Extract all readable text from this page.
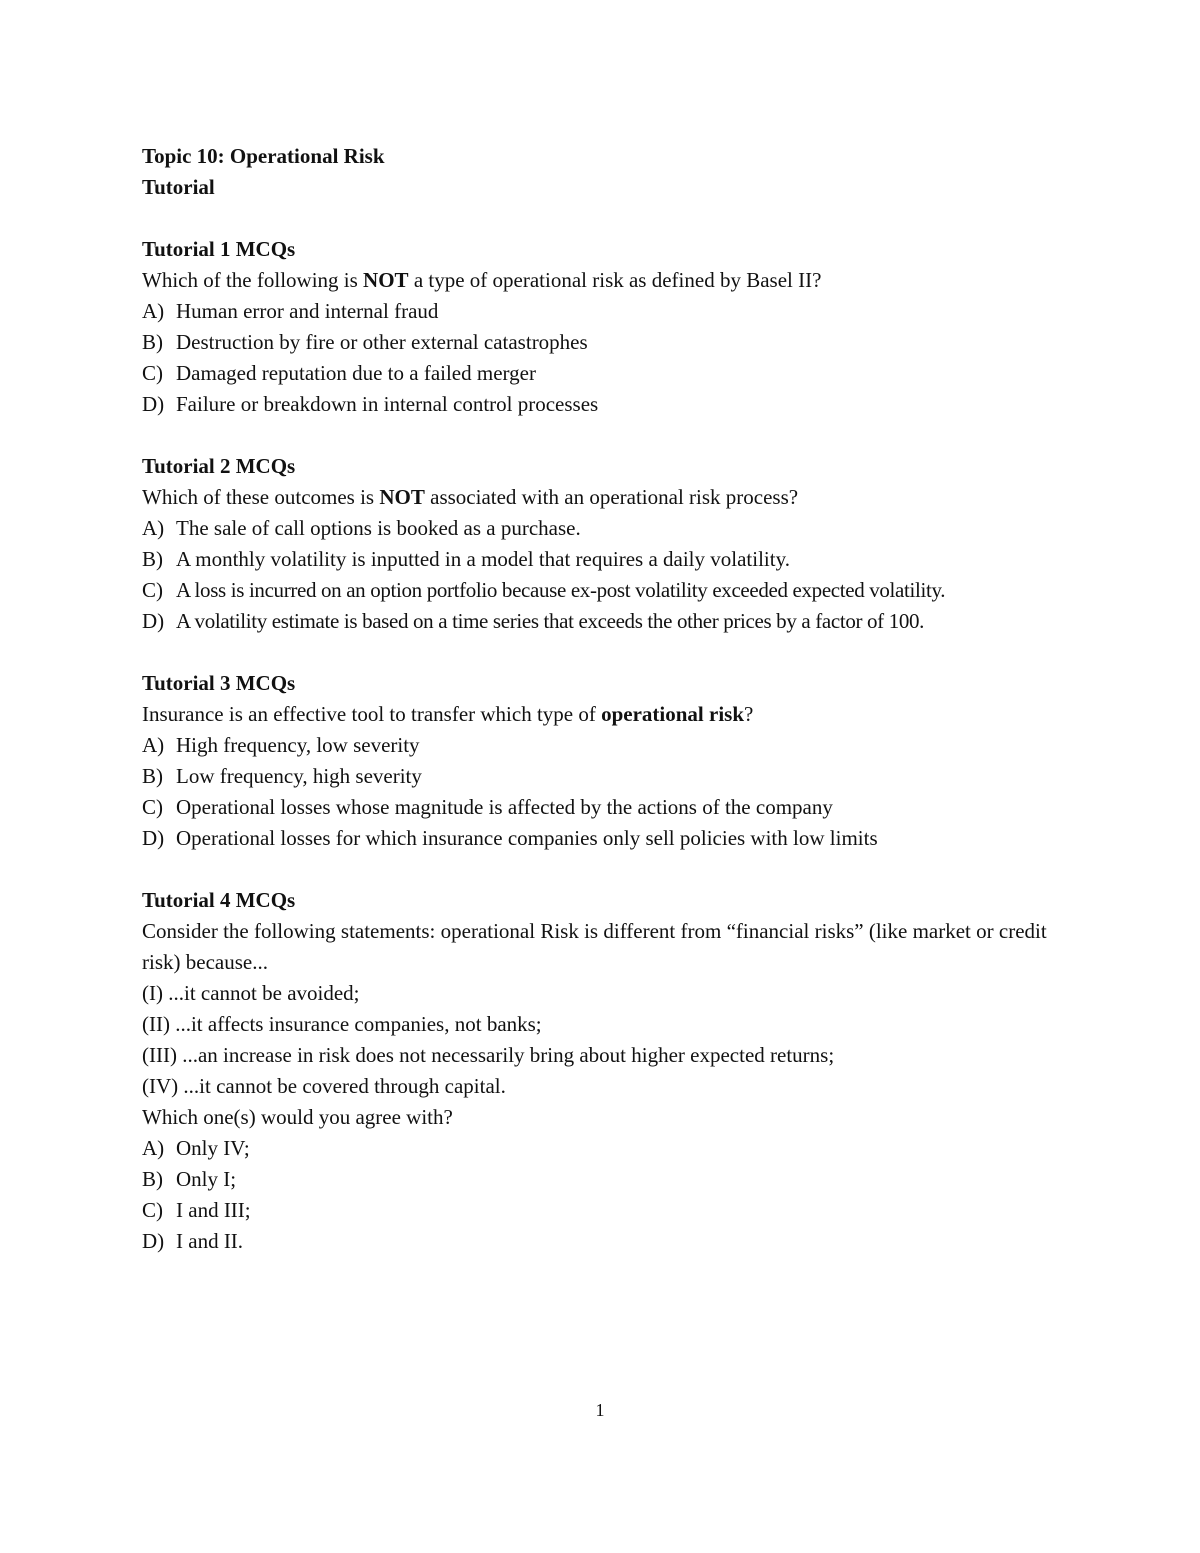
Topic 10: Operational Risk

Tutorial

Tutorial 1 MCQs

Which of the following is NOT a type of operational risk as defined by Basel II?

A) Human error and internal fraud
B) Destruction by fire or other external catastrophes
C) Damaged reputation due to a failed merger
D) Failure or breakdown in internal control processes

Tutorial 2 MCQs

Which of these outcomes is NOT associated with an operational risk process?

A) The sale of call options is booked as a purchase.
B) A monthly volatility is inputted in a model that requires a daily volatility.
C) A loss is incurred on an option portfolio because ex-post volatility exceeded expected volatility.
D) A volatility estimate is based on a time series that exceeds the other prices by a factor of 100.

Tutorial 3 MCQs

Insurance is an effective tool to transfer which type of operational risk?

A) High frequency, low severity
B) Low frequency, high severity
C) Operational losses whose magnitude is affected by the actions of the company
D) Operational losses for which insurance companies only sell policies with low limits

Tutorial 4 MCQs

Consider the following statements: operational Risk is different from “financial risks” (like market or credit risk) because...

(I) ...it cannot be avoided;

(II) ...it affects insurance companies, not banks;

(III) ...an increase in risk does not necessarily bring about higher expected returns;

(IV) ...it cannot be covered through capital.

Which one(s) would you agree with?

A) Only IV;
B) Only I;
C) I and III;
D) I and II.
1
